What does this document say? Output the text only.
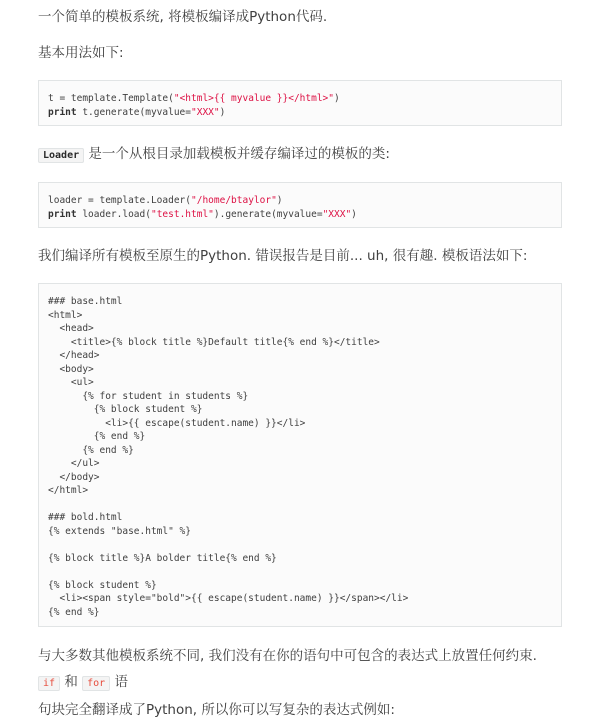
一个简单的模板系统, 将模板编译成Python代码.
基本用法如下:
t = template.Template("<html>{{ myvalue }}</html>")
print t.generate(myvalue="XXX")
Loader 是一个从根目录加载模板并缓存编译过的模板的类:
loader = template.Loader("/home/btaylor")
print loader.load("test.html").generate(myvalue="XXX")
我们编译所有模板至原生的Python. 错误报告是目前... uh, 很有趣. 模板语法如下:
### base.html
<html>
<head>
<title>{% block title %}Default title{% end %}</title>
</head>
<body>
<ul>
{% for student in students %}
{% block student %}
<li>{{ escape(student.name) }}</li>
{% end %}
{% end %}
</ul>
</body>
</html>
### bold.html
{% extends "base.html" %}
{% block title %}A bolder title{% end %}
{% block student %}
<li><span style="bold">{{ escape(student.name) }}</span></li>
{% end %}
与大多数其他模板系统不同, 我们没有在你的语句中可包含的表达式上放置任何约束. if 和 for 语
句块完全翻译成了Python, 所以你可以写复杂的表达式例如:
